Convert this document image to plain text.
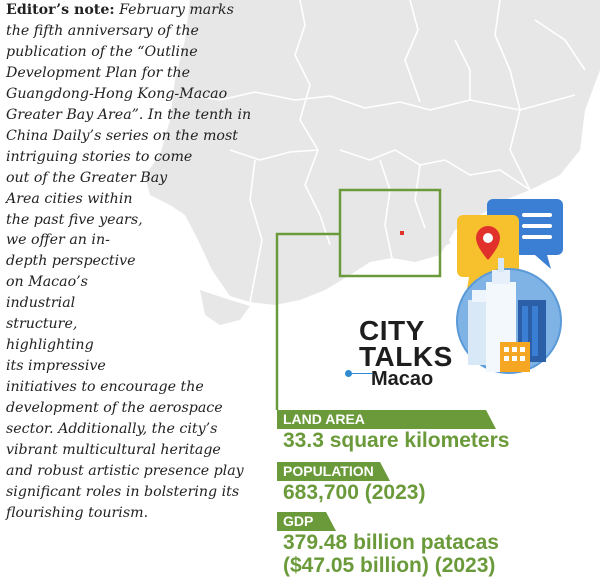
Editor’s note: February marks
the fifth anniversary of the
publication of the “Outline
Development Plan for the
Guangdong-Hong Kong-Macao
Greater Bay Area”. In the tenth in
China Daily’s series on the most
intriguing stories to come
out of the Greater Bay
Area cities within
the past five years,
we offer an in-
depth perspective
on Macao’s
industrial
structure,
highlighting
its impressive
initiatives to encourage the
development of the aerospace
sector. Additionally, the city’s
vibrant multicultural heritage
and robust artistic presence play
significant roles in bolstering its
flourishing tourism.
CITY
TALKS
Macao
LAND AREA
33.3 square kilometers
POPULATION
683,700 (2023)
GDP
379.48 billion patacas
($47.05 billion) (2023)
